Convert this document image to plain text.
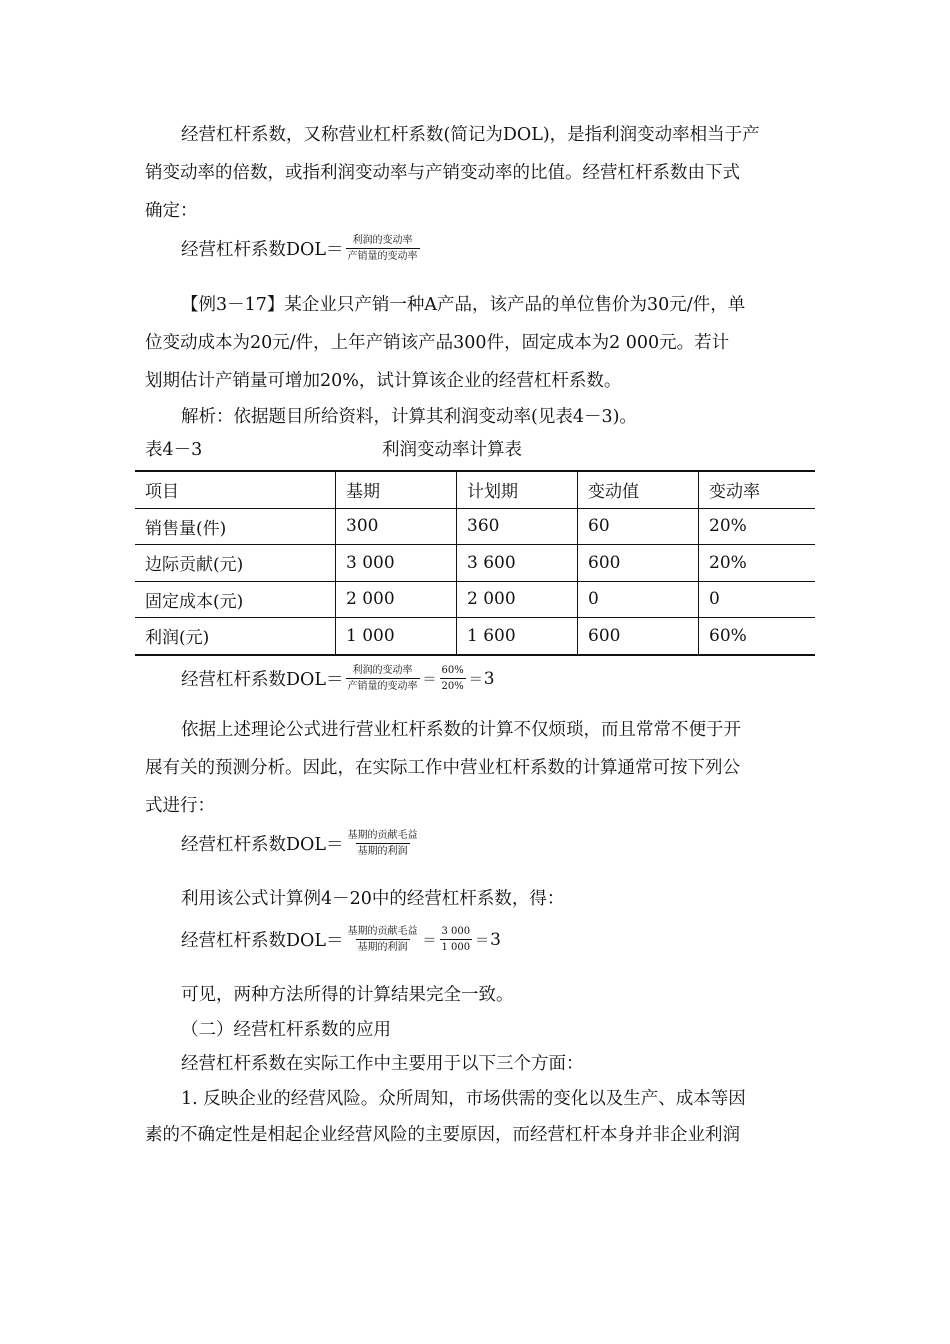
经营杠杆系数，又称营业杠杆系数(简记为DOL)，是指利润变动率相当于产
销变动率的倍数，或指利润变动率与产销变动率的比值。经营杠杆系数由下式
确定：
经营杠杆系数$DOL= \frac{\text{利润的变动率}}{\text{产销量的变动率}}$
【例3－17】某企业只产销一种A产品，该产品的单位售价为30元/件，单
位变动成本为20元/件，上年产销该产品300件，固定成本为2 000元。若计
划期估计产销量可增加20%，试计算该企业的经营杠杆系数。
解析：依据题目所给资料，计算其利润变动率(见表4－3)。
表4－3	利润变动率计算表
项目	基期	计划期	变动值	变动率
销售量(件)	300	360	60	20%
边际贡献(元)	3 000	3 600	600	20%
固定成本(元)	2 000	2 000	0	0
利润(元)	1 000	1 600	600	60%
经营杠杆系数$DOL= \frac{\text{利润的变动率}}{\text{产销量的变动率}} = \frac{60\%}{20\%} = 3$
依据上述理论公式进行营业杠杆系数的计算不仅烦琐，而且常常不便于开
展有关的预测分析。因此，在实际工作中营业杠杆系数的计算通常可按下列公
式进行：
经营杠杆系数$DOL= \frac{\text{基期的贡献毛益}}{\text{基期的利润}}$
利用该公式计算例4－20中的经营杠杆系数，得：
经营杠杆系数$DOL= \frac{\text{基期的贡献毛益}}{\text{基期的利润}} = \frac{3 000}{1 000} = 3$
可见，两种方法所得的计算结果完全一致。
（二）经营杠杆系数的应用
经营杠杆系数在实际工作中主要用于以下三个方面：
1. 反映企业的经营风险。众所周知，市场供需的变化以及生产、成本等因
素的不确定性是相起企业经营风险的主要原因，而经营杠杆本身并非企业利润
